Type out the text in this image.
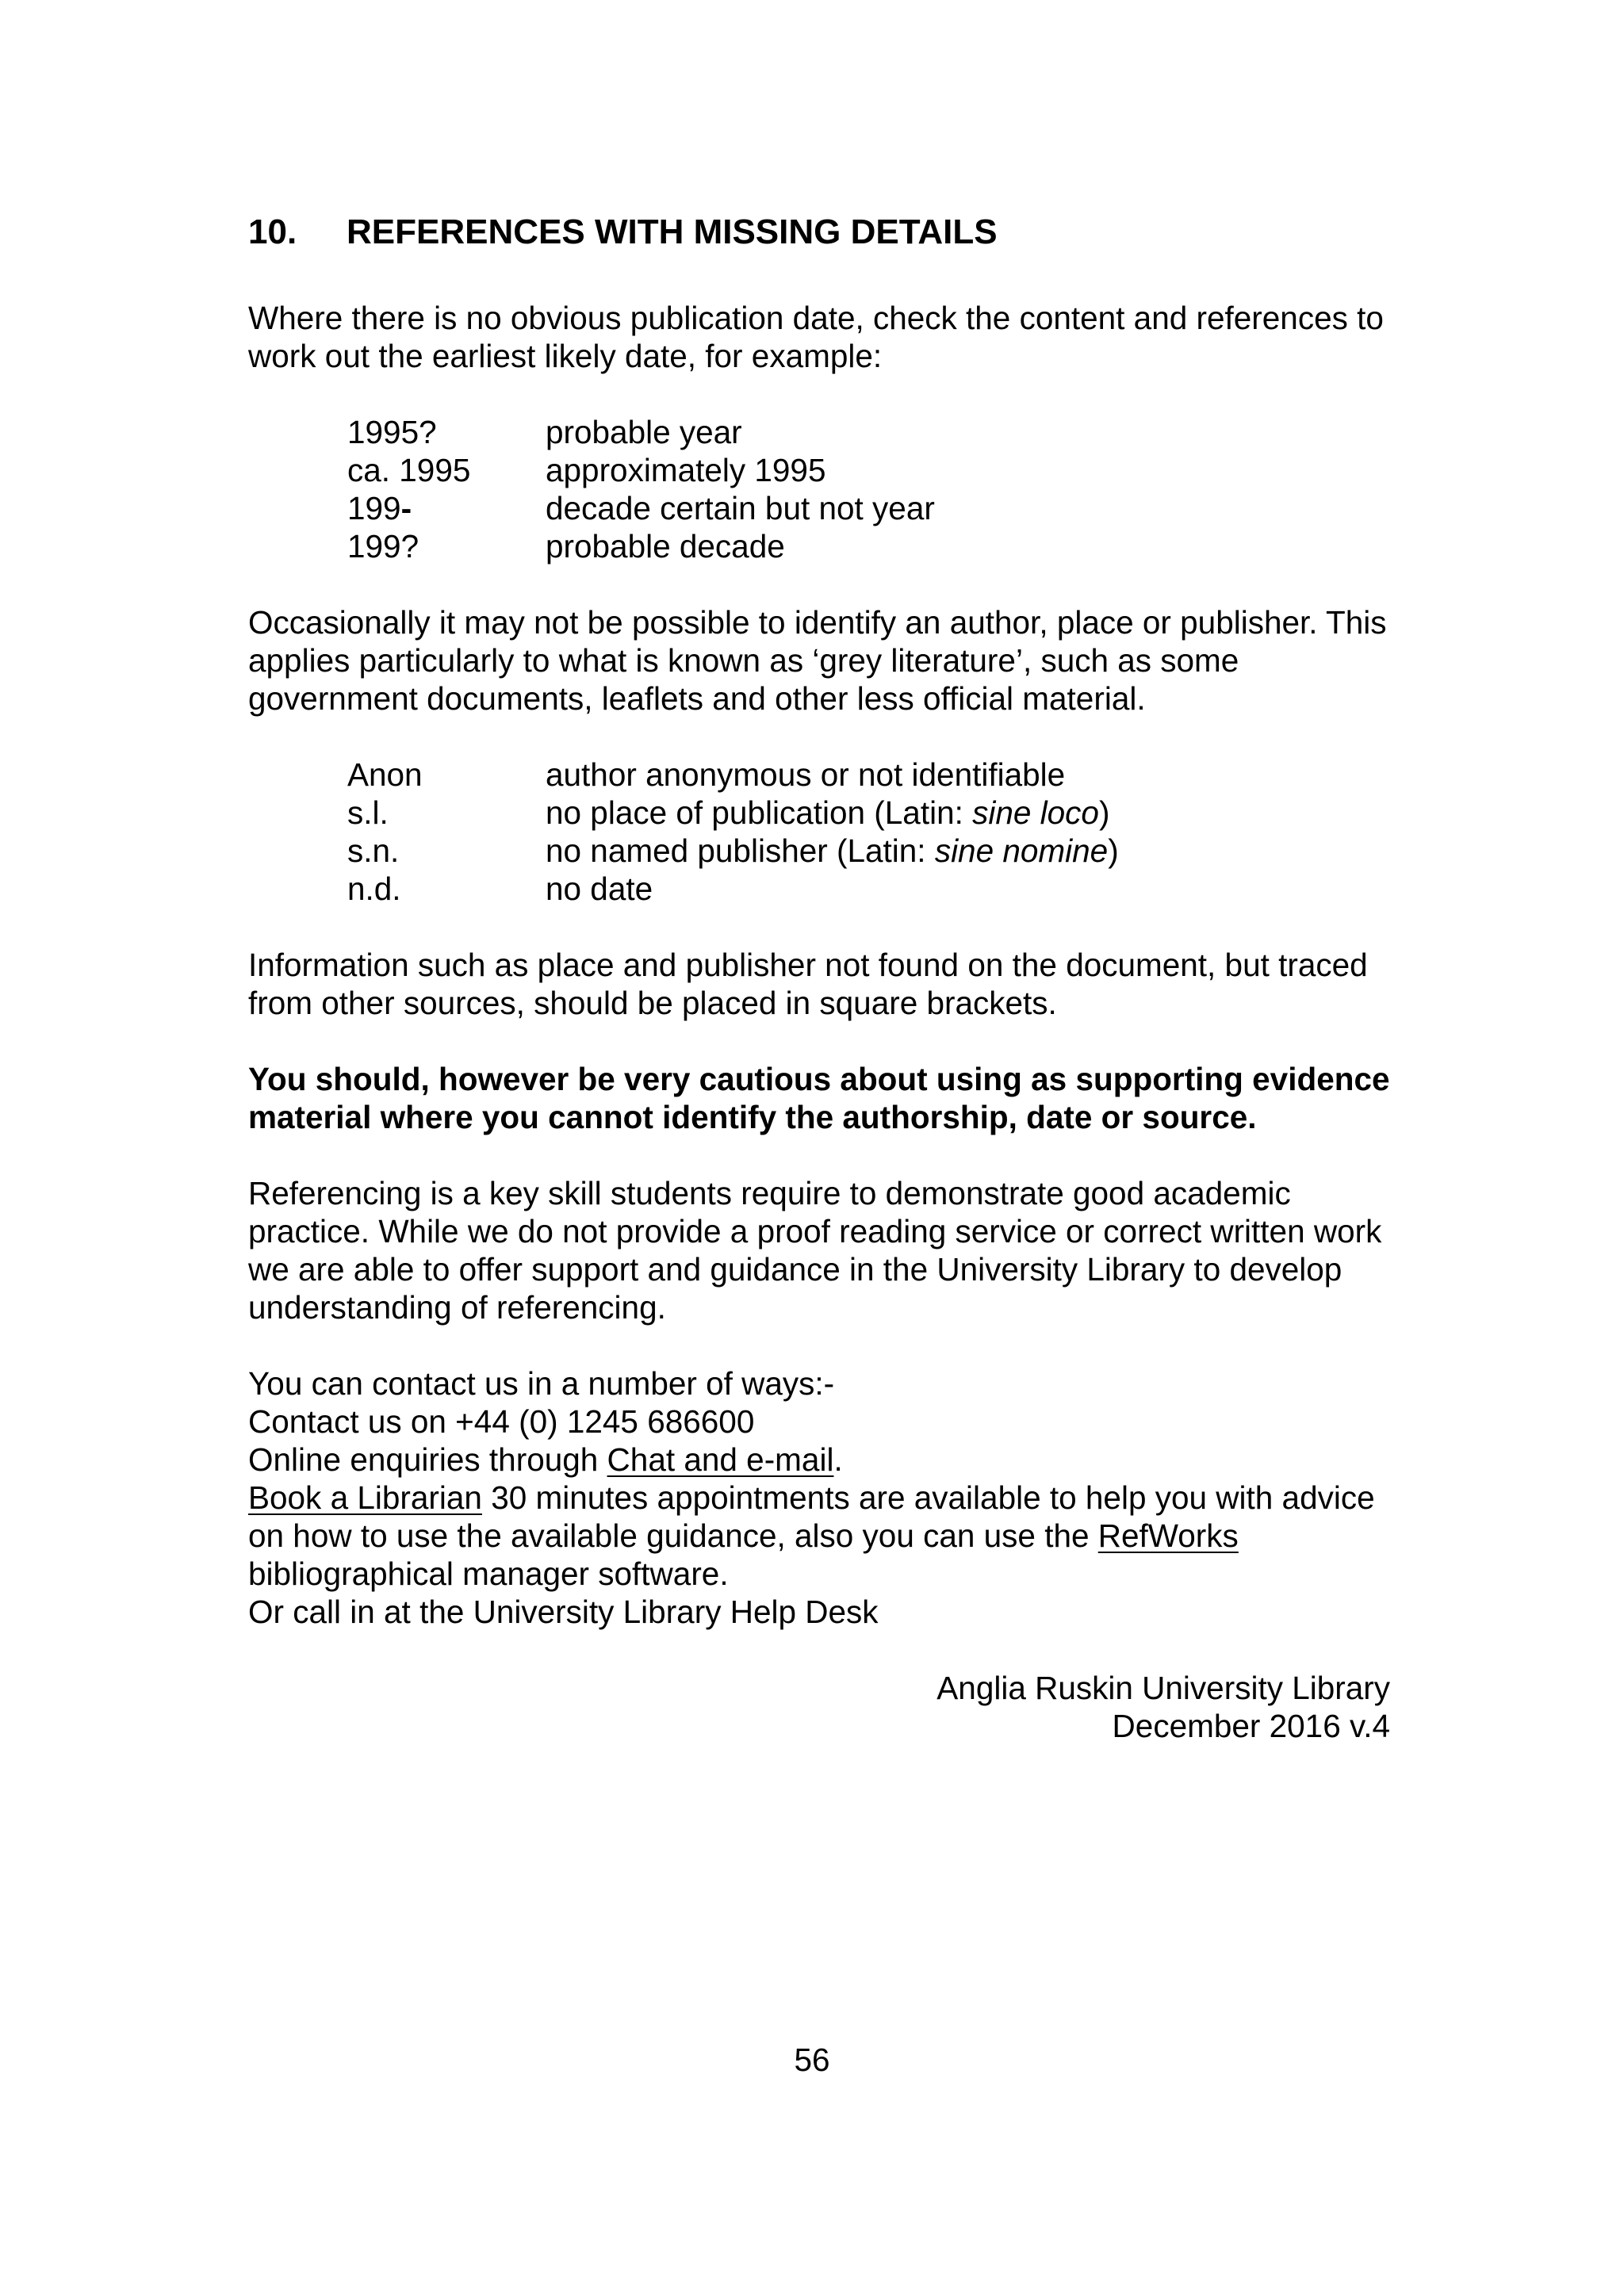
10.	REFERENCES WITH MISSING DETAILS

Where there is no obvious publication date, check the content and references to work out the earliest likely date, for example:

1995?	probable year
ca. 1995	approximately 1995
199-	decade certain but not year
199?	probable decade

Occasionally it may not be possible to identify an author, place or publisher. This applies particularly to what is known as ‘grey literature’, such as some government documents, leaflets and other less official material.

Anon	author anonymous or not identifiable
s.l.	no place of publication (Latin: sine loco)
s.n.	no named publisher (Latin: sine nomine)
n.d.	no date

Information such as place and publisher not found on the document, but traced from other sources, should be placed in square brackets.

You should, however be very cautious about using as supporting evidence material where you cannot identify the authorship, date or source.

Referencing is a key skill students require to demonstrate good academic practice. While we do not provide a proof reading service or correct written work we are able to offer support and guidance in the University Library to develop understanding of referencing.

You can contact us in a number of ways:-

Contact us on +44 (0) 1245 686600

Online enquiries through Chat and e-mail.

Book a Librarian 30 minutes appointments are available to help you with advice on how to use the available guidance, also you can use the RefWorks bibliographical manager software.

Or call in at the University Library Help Desk

Anglia Ruskin University Library

December 2016 v.4

56
